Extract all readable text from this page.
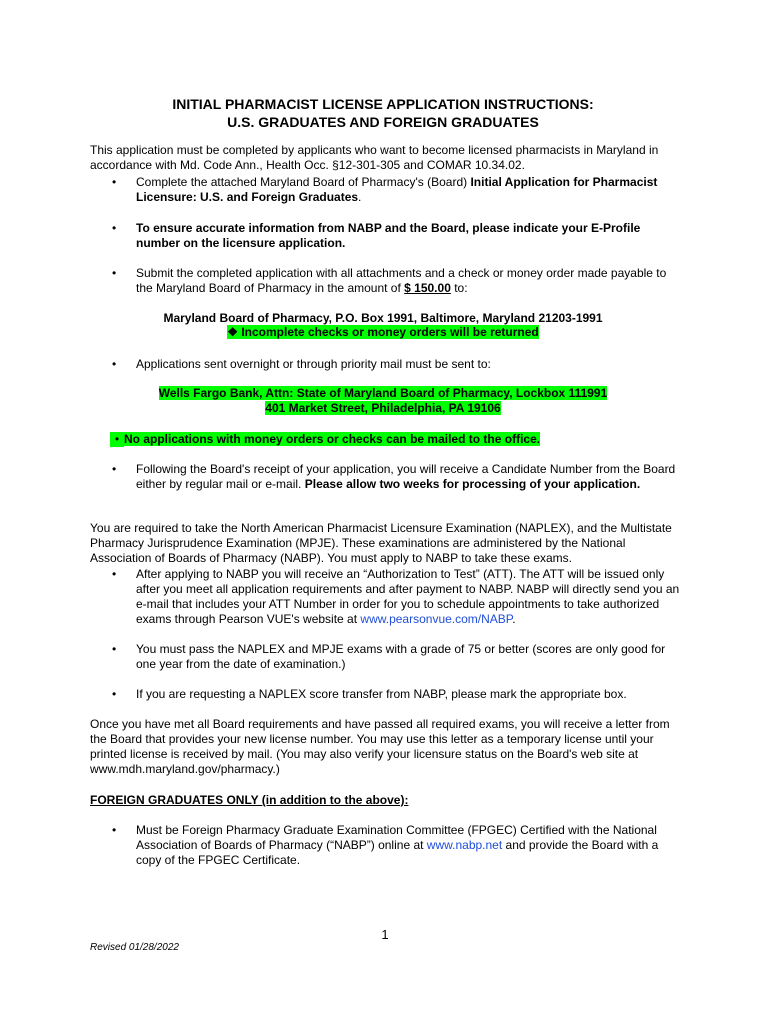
INITIAL PHARMACIST LICENSE APPLICATION INSTRUCTIONS:
U.S. GRADUATES AND FOREIGN GRADUATES
This application must be completed by applicants who want to become licensed pharmacists in Maryland in accordance with Md. Code Ann., Health Occ. §12-301-305 and COMAR 10.34.02.
•	Complete the attached Maryland Board of Pharmacy's (Board) Initial Application for Pharmacist Licensure: U.S. and Foreign Graduates.
•	To ensure accurate information from NABP and the Board, please indicate your E-Profile number on the licensure application.
•	Submit the completed application with all attachments and a check or money order made payable to the Maryland Board of Pharmacy in the amount of $ 150.00 to:
Maryland Board of Pharmacy, P.O. Box 1991, Baltimore, Maryland 21203-1991
❖ Incomplete checks or money orders will be returned
•	Applications sent overnight or through priority mail must be sent to:
Wells Fargo Bank, Attn: State of Maryland Board of Pharmacy, Lockbox 111991
401 Market Street, Philadelphia, PA 19106
• No applications with money orders or checks can be mailed to the office.
•	Following the Board's receipt of your application, you will receive a Candidate Number from the Board either by regular mail or e-mail. Please allow two weeks for processing of your application.
You are required to take the North American Pharmacist Licensure Examination (NAPLEX), and the Multistate Pharmacy Jurisprudence Examination (MPJE). These examinations are administered by the National Association of Boards of Pharmacy (NABP). You must apply to NABP to take these exams.
•	After applying to NABP you will receive an “Authorization to Test” (ATT). The ATT will be issued only after you meet all application requirements and after payment to NABP. NABP will directly send you an e-mail that includes your ATT Number in order for you to schedule appointments to take authorized exams through Pearson VUE's website at www.pearsonvue.com/NABP.
•	You must pass the NAPLEX and MPJE exams with a grade of 75 or better (scores are only good for one year from the date of examination.)
•	If you are requesting a NAPLEX score transfer from NABP, please mark the appropriate box.
Once you have met all Board requirements and have passed all required exams, you will receive a letter from the Board that provides your new license number. You may use this letter as a temporary license until your printed license is received by mail. (You may also verify your licensure status on the Board's web site at www.mdh.maryland.gov/pharmacy.)
FOREIGN GRADUATES ONLY (in addition to the above):
•	Must be Foreign Pharmacy Graduate Examination Committee (FPGEC) Certified with the National Association of Boards of Pharmacy (“NABP”) online at www.nabp.net and provide the Board with a copy of the FPGEC Certificate.
1
Revised 01/28/2022
